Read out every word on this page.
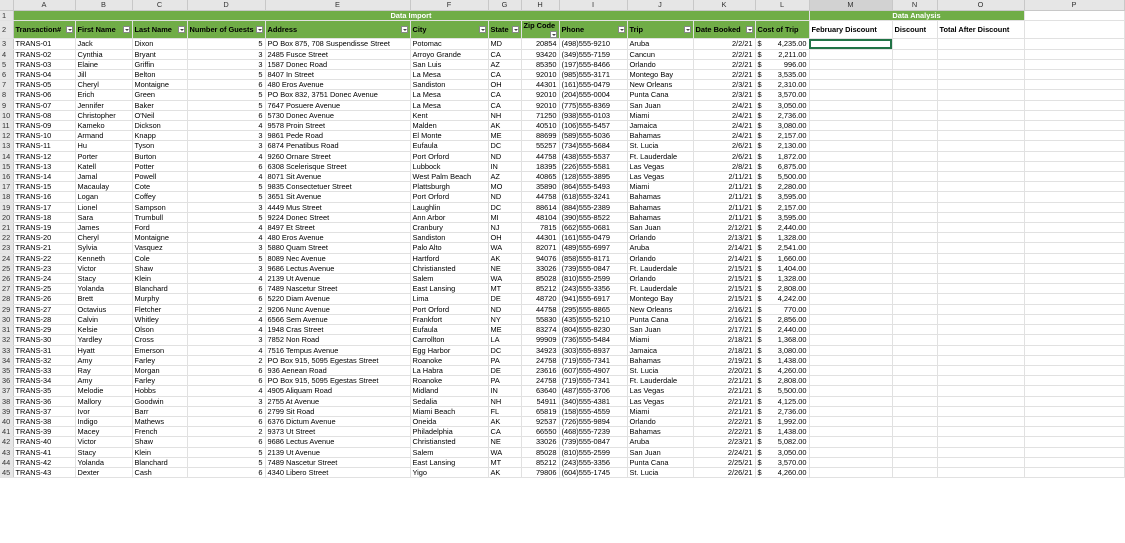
	A	B	C	D	E	F	G	H	I	J	K	L	M	N	O	P
1	Data Import												Data Analysis			
2	Transaction#	First Name	Last Name	Number of Guests	Address	City	State	Zip Code	Phone	Trip	Date Booked	Cost of Trip	February Discount	Discount	Total After Discount	

3	TRANS-01	Jack	Dixon	5	PO Box 875, 708 Suspendisse Street	Potomac	MD	20854	(498)555-9210	Aruba	2/2/21	$ 4,235.00				

4	TRANS-02	Cynthia	Bryant	3	2485 Fusce Street	Arroyo Grande	CA	93420	(349)555-7159	Cancun	2/2/21	$ 2,211.00				

5	TRANS-03	Elaine	Griffin	3	1587 Donec Road	San Luis	AZ	85350	(197)555-8466	Orlando	2/2/21	$ 996.00				

6	TRANS-04	Jill	Belton	5	8407 In Street	La Mesa	CA	92010	(985)555-3171	Montego Bay	2/2/21	$ 3,535.00				

7	TRANS-05	Cheryl	Montaigne	6	480 Eros Avenue	Sandiston	OH	44301	(161)555-0479	New Orleans	2/3/21	$ 2,310.00				

8	TRANS-06	Erich	Green	5	PO Box 832, 3751 Donec Avenue	La Mesa	CA	92010	(204)555-0004	Punta Cana	2/3/21	$ 3,570.00				

9	TRANS-07	Jennifer	Baker	5	7647 Posuere Avenue	La Mesa	CA	92010	(775)555-8369	San Juan	2/4/21	$ 3,050.00				

10	TRANS-08	Christopher	O'Neil	6	5730 Donec Avenue	Kent	NH	71250	(938)555-0103	Miami	2/4/21	$ 2,736.00				

11	TRANS-09	Kameko	Dickson	4	9578 Proin Street	Malden	AK	40510	(106)555-5457	Jamaica	2/4/21	$ 3,080.00				

12	TRANS-10	Armand	Knapp	3	9861 Pede Road	El Monte	ME	88699	(589)555-5036	Bahamas	2/4/21	$ 2,157.00				

13	TRANS-11	Hu	Tyson	3	6874 Penatibus Road	Eufaula	DC	55257	(734)555-5684	St. Lucia	2/6/21	$ 2,130.00				

14	TRANS-12	Porter	Burton	4	9260 Ornare Street	Port Orford	ND	44758	(438)555-5537	Ft. Lauderdale	2/6/21	$ 1,872.00				

15	TRANS-13	Katell	Potter	6	6308 Scelerisque Street	Lubbock	IN	18395	(226)555-5581	Las Vegas	2/8/21	$ 6,875.00				

16	TRANS-14	Jamal	Powell	4	8071 Sit Avenue	West Palm Beach	AZ	40865	(128)555-3895	Las Vegas	2/11/21	$ 5,500.00				

17	TRANS-15	Macaulay	Cote	5	9835 Consectetuer Street	Plattsburgh	MO	35890	(864)555-5493	Miami	2/11/21	$ 2,280.00				

18	TRANS-16	Logan	Coffey	5	3651 Sit Avenue	Port Orford	ND	44758	(618)555-3241	Bahamas	2/11/21	$ 3,595.00				

19	TRANS-17	Lionel	Sampson	3	4449 Mus Street	Laughlin	DC	88614	(884)555-2389	Bahamas	2/11/21	$ 2,157.00				

20	TRANS-18	Sara	Trumbull	5	9224 Donec Street	Ann Arbor	MI	48104	(390)555-8522	Bahamas	2/11/21	$ 3,595.00				

21	TRANS-19	James	Ford	4	8497 Et Street	Cranbury	NJ	7815	(662)555-0681	San Juan	2/12/21	$ 2,440.00				

22	TRANS-20	Cheryl	Montaigne	4	480 Eros Avenue	Sandiston	OH	44301	(161)555-0479	Orlando	2/13/21	$ 1,328.00				

23	TRANS-21	Sylvia	Vasquez	3	5880 Quam Street	Palo Alto	WA	82071	(489)555-6997	Aruba	2/14/21	$ 2,541.00				

24	TRANS-22	Kenneth	Cole	5	8089 Nec Avenue	Hartford	AK	94076	(858)555-8171	Orlando	2/14/21	$ 1,660.00				

25	TRANS-23	Victor	Shaw	3	9686 Lectus Avenue	Christiansted	NE	33026	(739)555-0847	Ft. Lauderdale	2/15/21	$ 1,404.00				

26	TRANS-24	Stacy	Klein	4	2139 Ut Avenue	Salem	WA	85028	(810)555-2599	Orlando	2/15/21	$ 1,328.00				

27	TRANS-25	Yolanda	Blanchard	6	7489 Nascetur Street	East Lansing	MT	85212	(243)555-3356	Ft. Lauderdale	2/15/21	$ 2,808.00				

28	TRANS-26	Brett	Murphy	6	5220 Diam Avenue	Lima	DE	48720	(941)555-6917	Montego Bay	2/15/21	$ 4,242.00				

29	TRANS-27	Octavius	Fletcher	2	9206 Nunc Avenue	Port Orford	ND	44758	(295)555-8865	New Orleans	2/16/21	$ 770.00				

30	TRANS-28	Calvin	Whitley	4	6566 Sem Avenue	Frankfort	NY	55830	(435)555-5210	Punta Cana	2/16/21	$ 2,856.00				

31	TRANS-29	Kelsie	Olson	4	1948 Cras Street	Eufaula	ME	83274	(804)555-8230	San Juan	2/17/21	$ 2,440.00				

32	TRANS-30	Yardley	Cross	3	7852 Non Road	Carrollton	LA	99909	(736)555-5484	Miami	2/18/21	$ 1,368.00				

33	TRANS-31	Hyatt	Emerson	4	7516 Tempus Avenue	Egg Harbor	DC	34923	(303)555-8937	Jamaica	2/18/21	$ 3,080.00				

34	TRANS-32	Amy	Farley	2	PO Box 915, 5095 Egestas Street	Roanoke	PA	24758	(719)555-7341	Bahamas	2/19/21	$ 1,438.00				

35	TRANS-33	Ray	Morgan	6	936 Aenean Road	La Habra	DE	23616	(607)555-4907	St. Lucia	2/20/21	$ 4,260.00				

36	TRANS-34	Amy	Farley	6	PO Box 915, 5095 Egestas Street	Roanoke	PA	24758	(719)555-7341	Ft. Lauderdale	2/21/21	$ 2,808.00				

37	TRANS-35	Melodie	Hobbs	4	4905 Aliquam Road	Midland	IN	63640	(487)555-3706	Las Vegas	2/21/21	$ 5,500.00				

38	TRANS-36	Mallory	Goodwin	3	2755 At Avenue	Sedalia	NH	54911	(340)555-4381	Las Vegas	2/21/21	$ 4,125.00				

39	TRANS-37	Ivor	Barr	6	2799 Sit Road	Miami Beach	FL	65819	(158)555-4559	Miami	2/21/21	$ 2,736.00				

40	TRANS-38	Indigo	Mathews	6	6376 Dictum Avenue	Oneida	AK	92537	(726)555-9894	Orlando	2/22/21	$ 1,992.00				

41	TRANS-39	Macey	French	2	9373 Ut Street	Philadelphia	CA	66550	(468)555-7239	Bahamas	2/22/21	$ 1,438.00				

42	TRANS-40	Victor	Shaw	6	9686 Lectus Avenue	Christiansted	NE	33026	(739)555-0847	Aruba	2/23/21	$ 5,082.00				

43	TRANS-41	Stacy	Klein	5	2139 Ut Avenue	Salem	WA	85028	(810)555-2599	San Juan	2/24/21	$ 3,050.00				

44	TRANS-42	Yolanda	Blanchard	5	7489 Nascetur Street	East Lansing	MT	85212	(243)555-3356	Punta Cana	2/25/21	$ 3,570.00				

45	TRANS-43	Dexter	Cash	6	4340 Libero Street	Yigo	AK	79806	(604)555-1745	St. Lucia	2/26/21	$ 4,260.00				
